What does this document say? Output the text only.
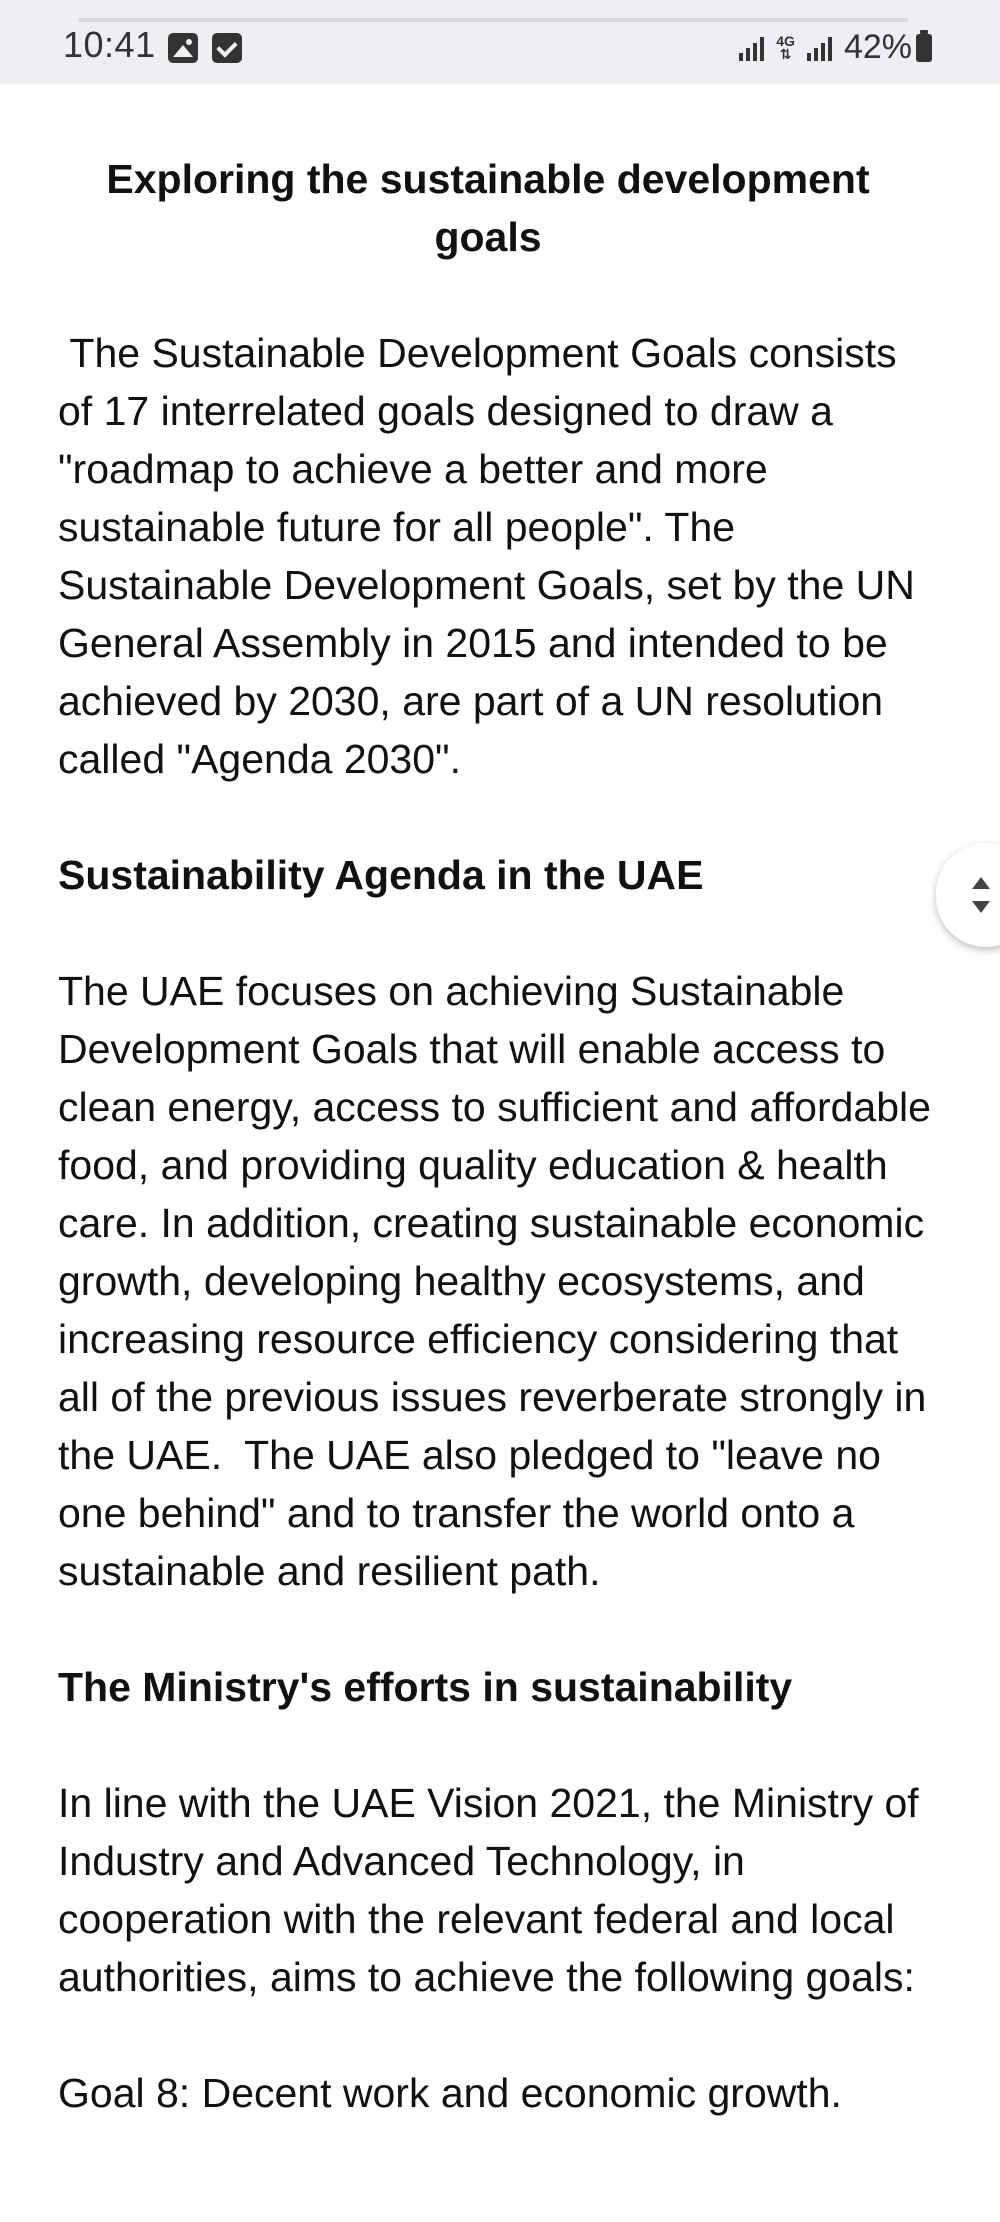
10:41	4G
⇅ 42%
Exploring the sustainable development goals

The Sustainable Development Goals consists of 17 interrelated goals designed to draw a "roadmap to achieve a better and more sustainable future for all people". The Sustainable Development Goals, set by the UN General Assembly in 2015 and intended to be achieved by 2030, are part of a UN resolution called "Agenda 2030".

Sustainability Agenda in the UAE

The UAE focuses on achieving Sustainable Development Goals that will enable access to clean energy, access to sufficient and affordable food, and providing quality education & health care. In addition, creating sustainable economic growth, developing healthy ecosystems, and increasing resource efficiency considering that all of the previous issues reverberate strongly in the UAE.  The UAE also pledged to "leave no one behind" and to transfer the world onto a sustainable and resilient path.

The Ministry's efforts in sustainability

In line with the UAE Vision 2021, the Ministry of Industry and Advanced Technology, in cooperation with the relevant federal and local authorities, aims to achieve the following goals:

Goal 8: Decent work and economic growth.
